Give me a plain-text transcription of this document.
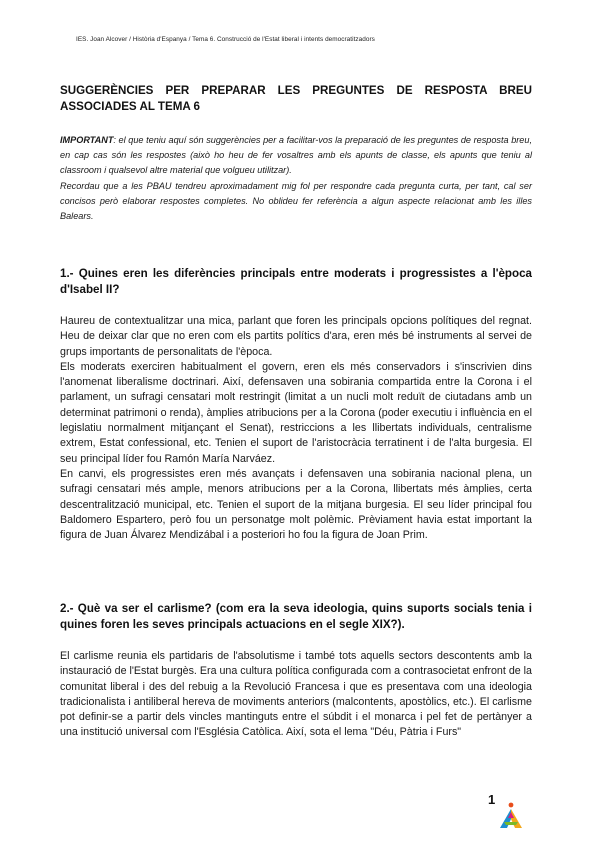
IES. Joan Alcover / Història d'Espanya / Tema 6. Construcció de l'Estat liberal i intents democratitzadors
SUGGERÈNCIES PER PREPARAR LES PREGUNTES DE RESPOSTA BREU ASSOCIADES AL TEMA 6

IMPORTANT: el que teniu aquí són suggerències per a facilitar-vos la preparació de les preguntes de resposta breu, en cap cas són les respostes (això ho heu de fer vosaltres amb els apunts de classe, els apunts que teniu al classroom i qualsevol altre material que volgueu utilitzar).

Recordau que a les PBAU tendreu aproximadament mig fol per respondre cada pregunta curta, per tant, cal ser concisos però elaborar respostes completes. No oblideu fer referència a algun aspecte relacionat amb les illes Balears.

1.- Quines eren les diferències principals entre moderats i progressistes a l'època d'Isabel II?

Haureu de contextualitzar una mica, parlant que foren les principals opcions polítiques del regnat. Heu de deixar clar que no eren com els partits polítics d'ara, eren més bé instruments al servei de grups importants de personalitats de l'època.

Els moderats exerciren habitualment el govern, eren els més conservadors i s'inscrivien dins l'anomenat liberalisme doctrinari. Així, defensaven una sobirania compartida entre la Corona i el parlament, un sufragi censatari molt restringit (limitat a un nucli molt reduït de ciutadans amb un determinat patrimoni o renda), àmplies atribucions per a la Corona (poder executiu i influència en el legislatiu normalment mitjançant el Senat), restriccions a les llibertats individuals, centralisme extrem, Estat confessional, etc. Tenien el suport de l'aristocràcia terratinent i de l'alta burgesia. El seu principal líder fou Ramón María Narváez.

En canvi, els progressistes eren més avançats i defensaven una sobirania nacional plena, un sufragi censatari més ample, menors atribucions per a la Corona, llibertats més àmplies, certa descentralització municipal, etc. Tenien el suport de la mitjana burgesia. El seu líder principal fou Baldomero Espartero, però fou un personatge molt polèmic. Prèviament havia estat important la figura de Juan Álvarez Mendizábal i a posteriori ho fou la figura de Joan Prim.

2.- Què va ser el carlisme? (com era la seva ideologia, quins suports socials tenia i quines foren les seves principals actuacions en el segle XIX?).

El carlisme reunia els partidaris de l'absolutisme i també tots aquells sectors descontents amb la instauració de l'Estat burgès. Era una cultura política configurada com a contrasocietat enfront de la comunitat liberal i des del rebuig a la Revolució Francesa i que es presentava com una ideologia tradicionalista i antiliberal hereva de moviments anteriors (malcontents, apostòlics, etc.). El carlisme pot definir-se a partir dels vincles mantinguts entre el súbdit i el monarca i pel fet de pertànyer a una institució universal com l'Església Catòlica. Així, sota el lema "Déu, Pàtria i Furs"

1
